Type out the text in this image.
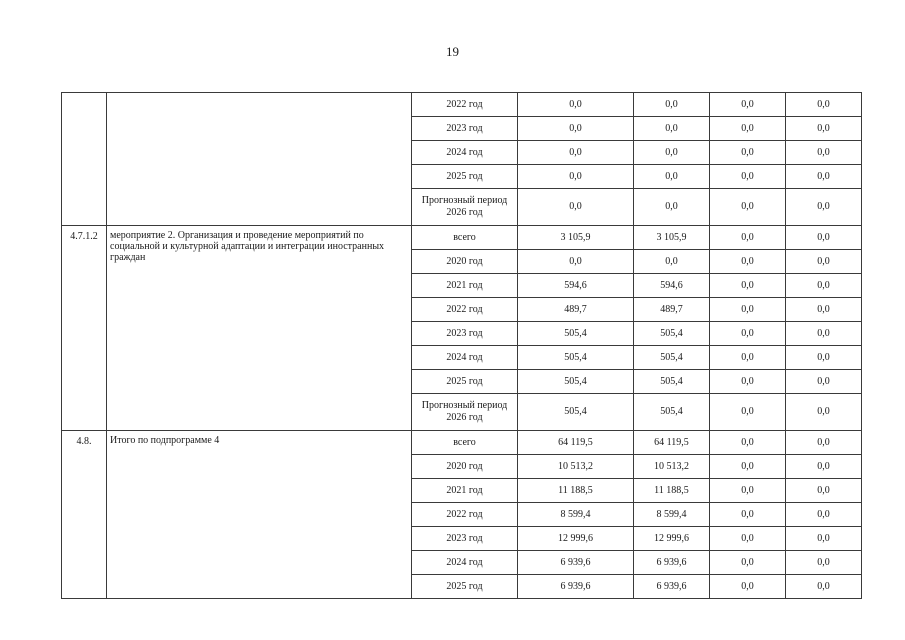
19
		2022 год	0,0	0,0	0,0	0,0
		2023 год	0,0	0,0	0,0	0,0
		2024 год	0,0	0,0	0,0	0,0
		2025 год	0,0	0,0	0,0	0,0
		Прогнозный период 2026 год	0,0	0,0	0,0	0,0
4.7.1.2	мероприятие 2. Организация и проведение мероприятий по социальной и культурной адаптации и интеграции иностранных граждан	всего	3 105,9	3 105,9	0,0	0,0
		2020 год	0,0	0,0	0,0	0,0
		2021 год	594,6	594,6	0,0	0,0
		2022 год	489,7	489,7	0,0	0,0
		2023 год	505,4	505,4	0,0	0,0
		2024 год	505,4	505,4	0,0	0,0
		2025 год	505,4	505,4	0,0	0,0
		Прогнозный период 2026 год	505,4	505,4	0,0	0,0
4.8.	Итого по подпрограмме 4	всего	64 119,5	64 119,5	0,0	0,0
		2020 год	10 513,2	10 513,2	0,0	0,0
		2021 год	11 188,5	11 188,5	0,0	0,0
		2022 год	8 599,4	8 599,4	0,0	0,0
		2023 год	12 999,6	12 999,6	0,0	0,0
		2024 год	6 939,6	6 939,6	0,0	0,0
		2025 год	6 939,6	6 939,6	0,0	0,0
